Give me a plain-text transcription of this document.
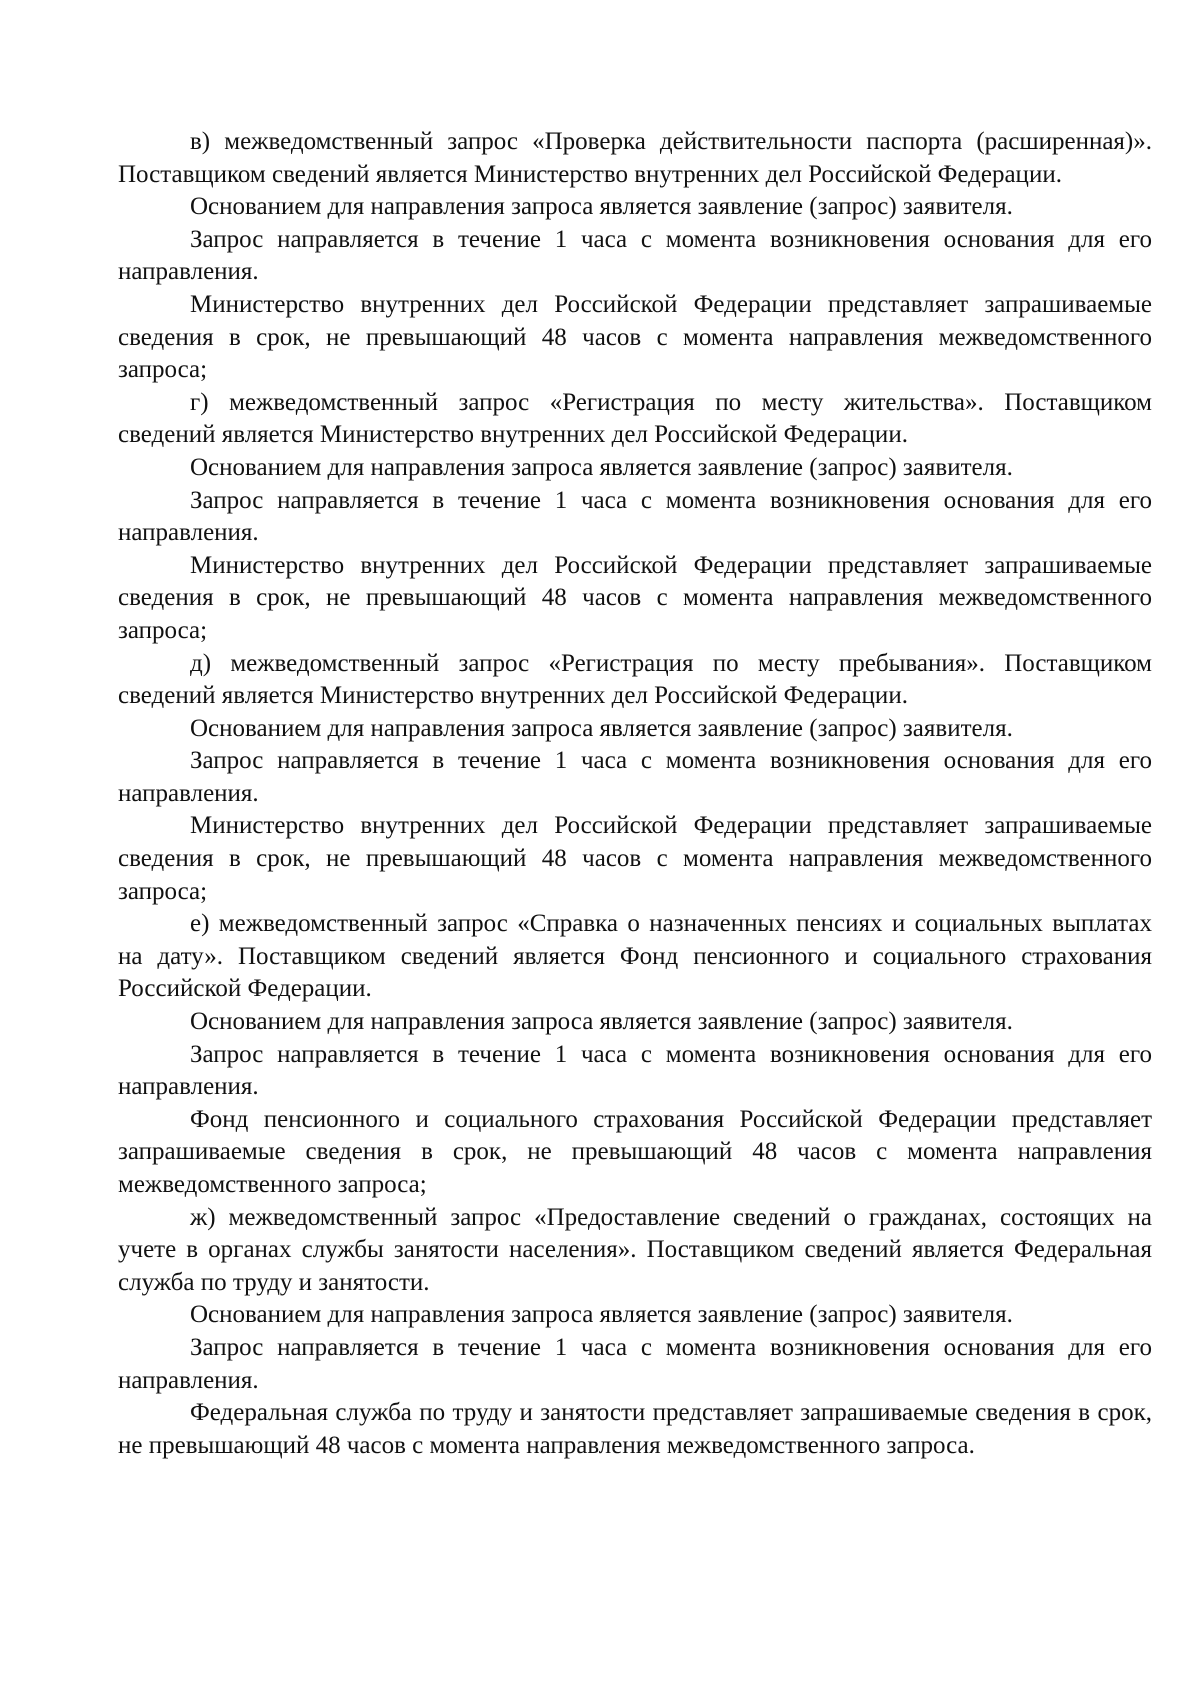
в) межведомственный запрос «Проверка действительности паспорта (расширенная)». Поставщиком сведений является Министерство внутренних дел Российской Федерации.

Основанием для направления запроса является заявление (запрос) заявителя.

Запрос направляется в течение 1 часа с момента возникновения основания для его направления.

Министерство внутренних дел Российской Федерации представляет запрашиваемые сведения в срок, не превышающий 48 часов с момента направления межведомственного запроса;

г) межведомственный запрос «Регистрация по месту жительства». Поставщиком сведений является Министерство внутренних дел Российской Федерации.

Основанием для направления запроса является заявление (запрос) заявителя.

Запрос направляется в течение 1 часа с момента возникновения основания для его направления.

Министерство внутренних дел Российской Федерации представляет запрашиваемые сведения в срок, не превышающий 48 часов с момента направления межведомственного запроса;

д) межведомственный запрос «Регистрация по месту пребывания». Поставщиком сведений является Министерство внутренних дел Российской Федерации.

Основанием для направления запроса является заявление (запрос) заявителя.

Запрос направляется в течение 1 часа с момента возникновения основания для его направления.

Министерство внутренних дел Российской Федерации представляет запрашиваемые сведения в срок, не превышающий 48 часов с момента направления межведомственного запроса;

е) межведомственный запрос «Справка о назначенных пенсиях и социальных выплатах на дату». Поставщиком сведений является Фонд пенсионного и социального страхования Российской Федерации.

Основанием для направления запроса является заявление (запрос) заявителя.

Запрос направляется в течение 1 часа с момента возникновения основания для его направления.

Фонд пенсионного и социального страхования Российской Федерации представляет запрашиваемые сведения в срок, не превышающий 48 часов с момента направления межведомственного запроса;

ж) межведомственный запрос «Предоставление сведений о гражданах, состоящих на учете в органах службы занятости населения». Поставщиком сведений является Федеральная служба по труду и занятости.

Основанием для направления запроса является заявление (запрос) заявителя.

Запрос направляется в течение 1 часа с момента возникновения основания для его направления.

Федеральная служба по труду и занятости представляет запрашиваемые сведения в срок, не превышающий 48 часов с момента направления межведомственного запроса.
